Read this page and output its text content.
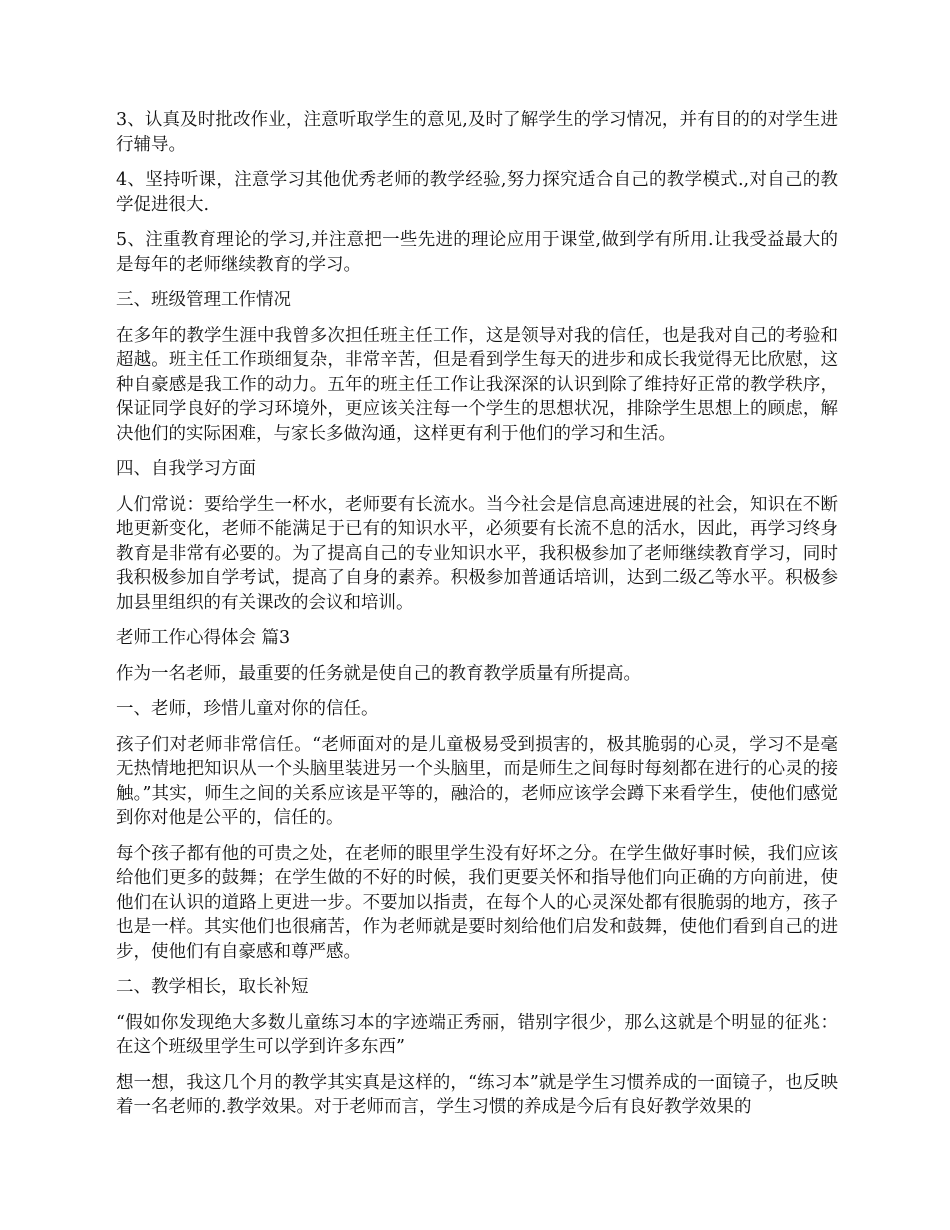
3、认真及时批改作业，注意听取学生的意见,及时了解学生的学习情况，并有目的的对学生进行辅导。

4、坚持听课，注意学习其他优秀老师的教学经验,努力探究适合自己的教学模式.,对自己的教学促进很大.

5、注重教育理论的学习,并注意把一些先进的理论应用于课堂,做到学有所用.让我受益最大的是每年的老师继续教育的学习。

三、班级管理工作情况

在多年的教学生涯中我曾多次担任班主任工作，这是领导对我的信任，也是我对自己的考验和超越。班主任工作琐细复杂，非常辛苦，但是看到学生每天的进步和成长我觉得无比欣慰，这种自豪感是我工作的动力。五年的班主任工作让我深深的认识到除了维持好正常的教学秩序，保证同学良好的学习环境外，更应该关注每一个学生的思想状况，排除学生思想上的顾虑，解决他们的实际困难，与家长多做沟通，这样更有利于他们的学习和生活。

四、自我学习方面

人们常说：要给学生一杯水，老师要有长流水。当今社会是信息高速进展的社会，知识在不断地更新变化，老师不能满足于已有的知识水平，必须要有长流不息的活水，因此，再学习终身教育是非常有必要的。为了提高自己的专业知识水平，我积极参加了老师继续教育学习，同时我积极参加自学考试，提高了自身的素养。积极参加普通话培训，达到二级乙等水平。积极参加县里组织的有关课改的会议和培训。

老师工作心得体会 篇3

作为一名老师，最重要的任务就是使自己的教育教学质量有所提高。

一、老师，珍惜儿童对你的信任。

孩子们对老师非常信任。“老师面对的是儿童极易受到损害的，极其脆弱的心灵，学习不是毫无热情地把知识从一个头脑里装进另一个头脑里，而是师生之间每时每刻都在进行的心灵的接触。”其实，师生之间的关系应该是平等的，融洽的，老师应该学会蹲下来看学生，使他们感觉到你对他是公平的，信任的。

每个孩子都有他的可贵之处，在老师的眼里学生没有好坏之分。在学生做好事时候，我们应该给他们更多的鼓舞；在学生做的不好的时候，我们更要关怀和指导他们向正确的方向前进，使他们在认识的道路上更进一步。不要加以指责，在每个人的心灵深处都有很脆弱的地方，孩子也是一样。其实他们也很痛苦，作为老师就是要时刻给他们启发和鼓舞，使他们看到自己的进步，使他们有自豪感和尊严感。

二、教学相长，取长补短

“假如你发现绝大多数儿童练习本的字迹端正秀丽，错别字很少，那么这就是个明显的征兆：在这个班级里学生可以学到许多东西”

想一想，我这几个月的教学其实真是这样的，“练习本”就是学生习惯养成的一面镜子，也反映着一名老师的.教学效果。对于老师而言，学生习惯的养成是今后有良好教学效果的
